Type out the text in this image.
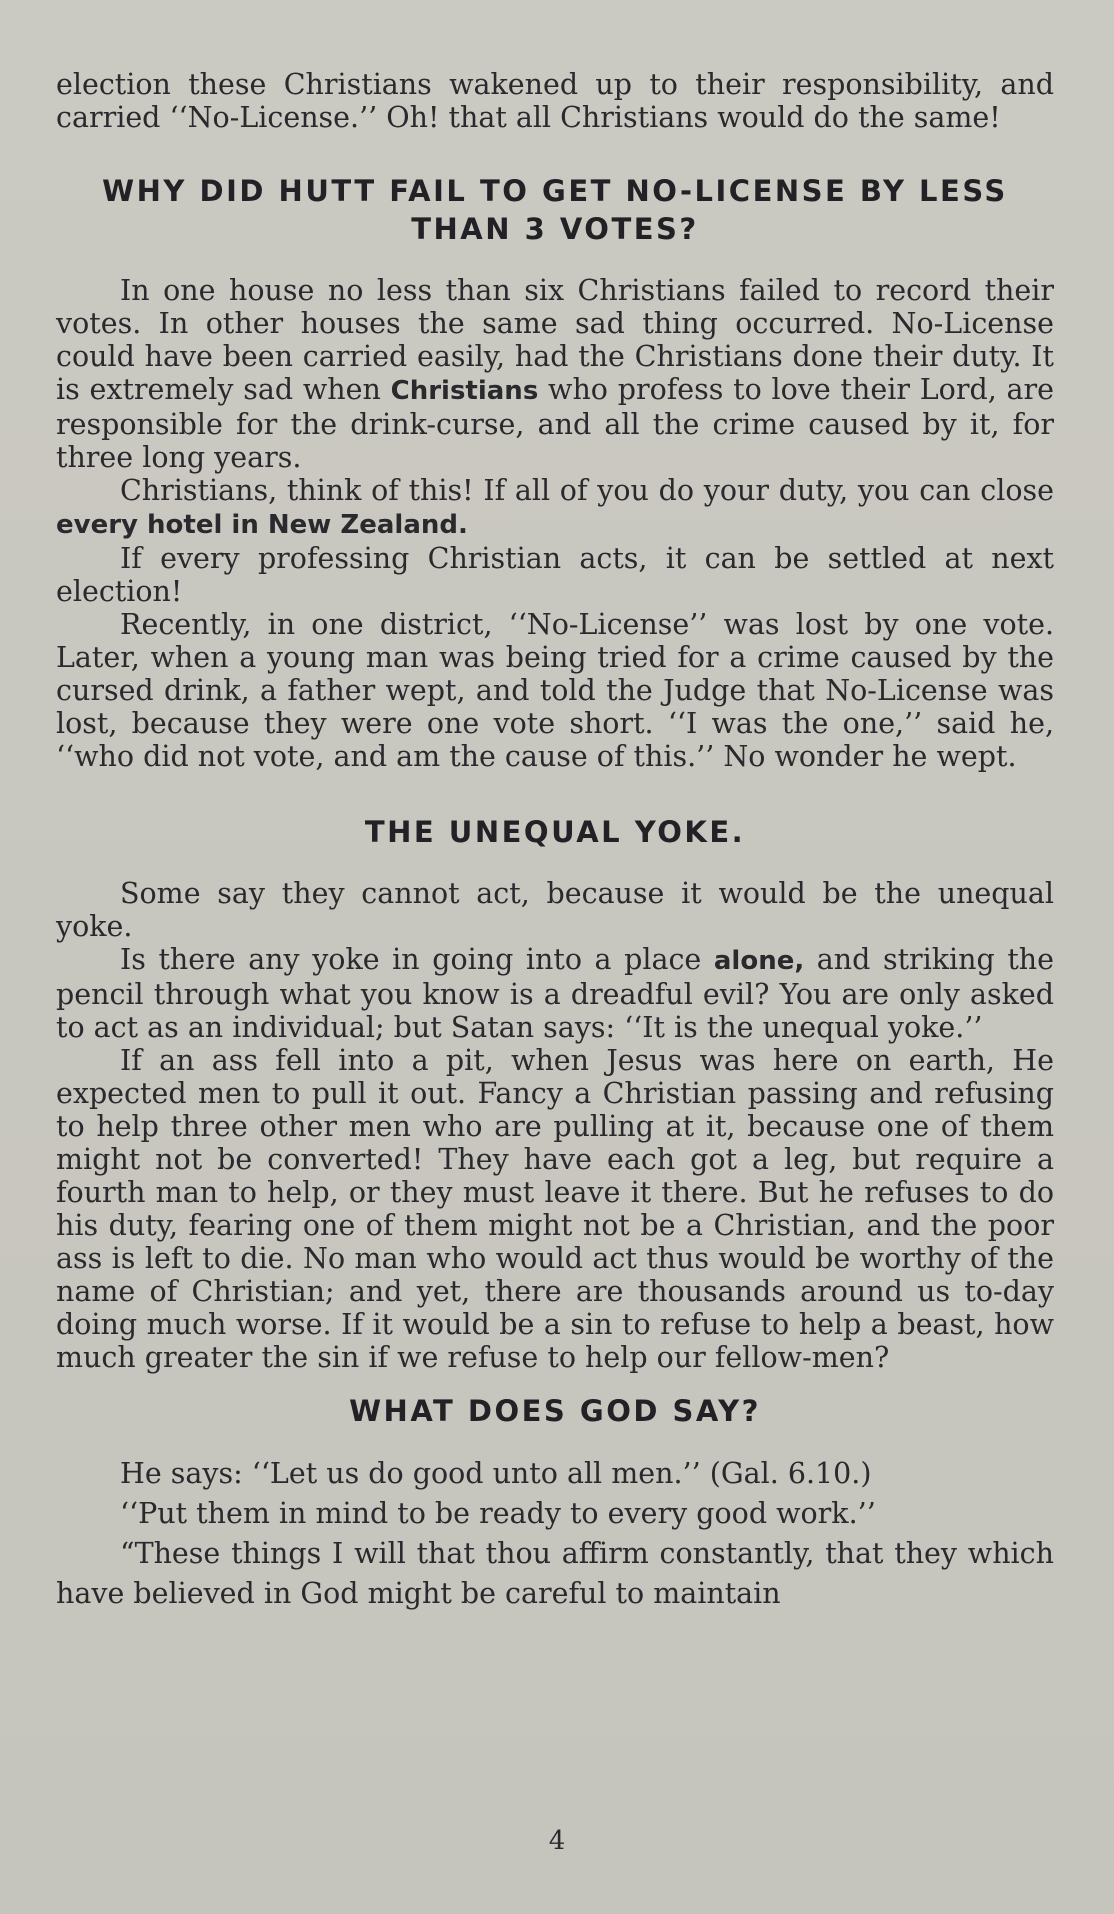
election these Christians wakened up to their responsibility, and carried ‘‘No-License.’’ Oh! that all Christians would do the same!

WHY DID HUTT FAIL TO GET NO-LICENSE BY LESS THAN 3 VOTES?

In one house no less than six Christians failed to record their votes. In other houses the same sad thing occurred. No-License could have been carried easily, had the Christians done their duty. It is extremely sad when Christians who profess to love their Lord, are responsible for the drink-curse, and all the crime caused by it, for three long years.

Christians, think of this! If all of you do your duty, you can close every hotel in New Zealand.

If every professing Christian acts, it can be settled at next election!

Recently, in one district, ‘‘No-License’’ was lost by one vote. Later, when a young man was being tried for a crime caused by the cursed drink, a father wept, and told the Judge that No-License was lost, because they were one vote short. ‘‘I was the one,’’ said he, ‘‘who did not vote, and am the cause of this.’’ No wonder he wept.

THE UNEQUAL YOKE.

Some say they cannot act, because it would be the unequal yoke.

Is there any yoke in going into a place alone, and striking the pencil through what you know is a dreadful evil? You are only asked to act as an individual; but Satan says: ‘‘It is the unequal yoke.’’

If an ass fell into a pit, when Jesus was here on earth, He expected men to pull it out. Fancy a Christian passing and refusing to help three other men who are pulling at it, because one of them might not be converted! They have each got a leg, but require a fourth man to help, or they must leave it there. But he refuses to do his duty, fearing one of them might not be a Christian, and the poor ass is left to die. No man who would act thus would be worthy of the name of Christian; and yet, there are thousands around us to-day doing much worse. If it would be a sin to refuse to help a beast, how much greater the sin if we refuse to help our fellow-men?

WHAT DOES GOD SAY?

He says: ‘‘Let us do good unto all men.’’ (Gal. 6.10.)

‘‘Put them in mind to be ready to every good work.’’

“These things I will that thou affirm constantly, that they which have believed in God might be careful to maintain

4
